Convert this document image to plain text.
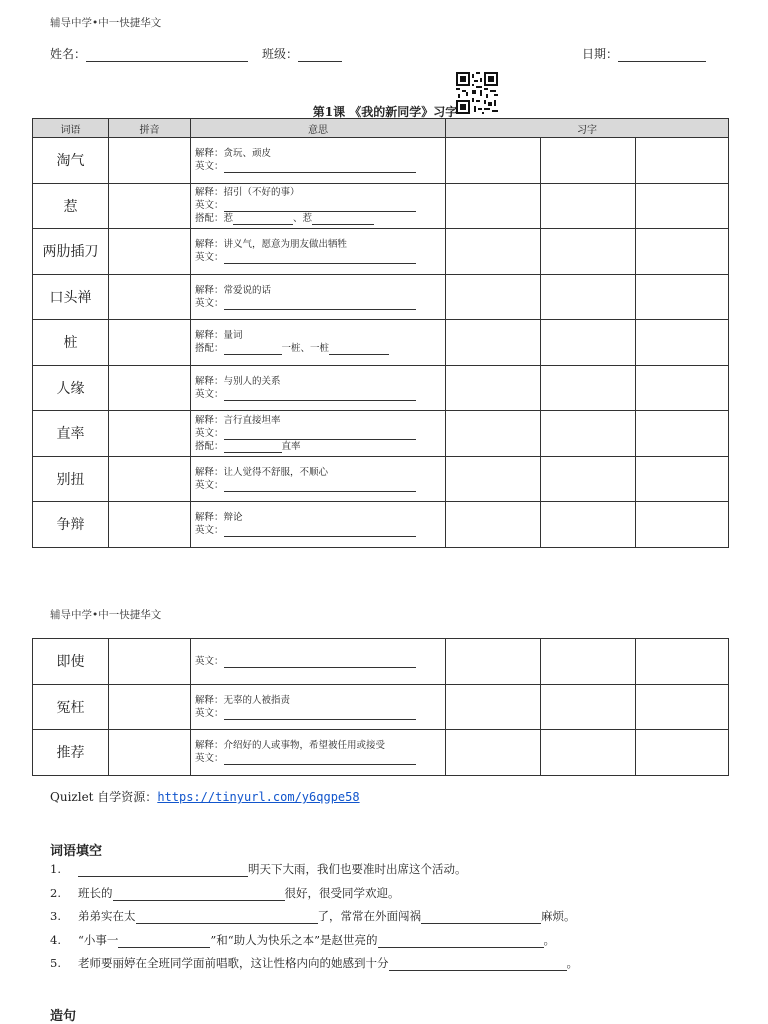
辅导中学•中一快捷华文
姓名：	班级：	日期：
第1课 《我的新同学》习字
词语	拼音	意思	习字		
淘气		解释：贪玩、顽皮
英文：			

惹		解释：招引（不好的事）
英文：
搭配：惹 、惹			

两肋插刀		解释：讲义气，愿意为朋友做出牺牲
英文：			

口头禅		解释：常爱说的话
英文：			

桩		解释：量词
搭配： 一桩、一桩			

人缘		解释：与别人的关系
英文：			

直率		解释：言行直接坦率
英文：
搭配： 直率			

别扭		解释：让人觉得不舒服，不顺心
英文：			

争辩		解释：辩论
英文：			

辅导中学•中一快捷华文
即使		英文：			

冤枉		解释：无辜的人被指责
英文：			

推荐		解释：介绍好的人或事物，希望被任用或接受
英文：			

Quizlet 自学资源：https://tinyurl.com/y6qgpe58
词语填空
1.	明天下大雨，我们也要准时出席这个活动。
2. 班长的	很好，很受同学欢迎。
3. 弟弟实在太	了，常常在外面闯祸	麻烦。
4. “小事一	”和“助人为快乐之本”是赵世亮的	。
5. 老师要丽婷在全班同学面前唱歌，这让性格内向的她感到十分	。
造句
